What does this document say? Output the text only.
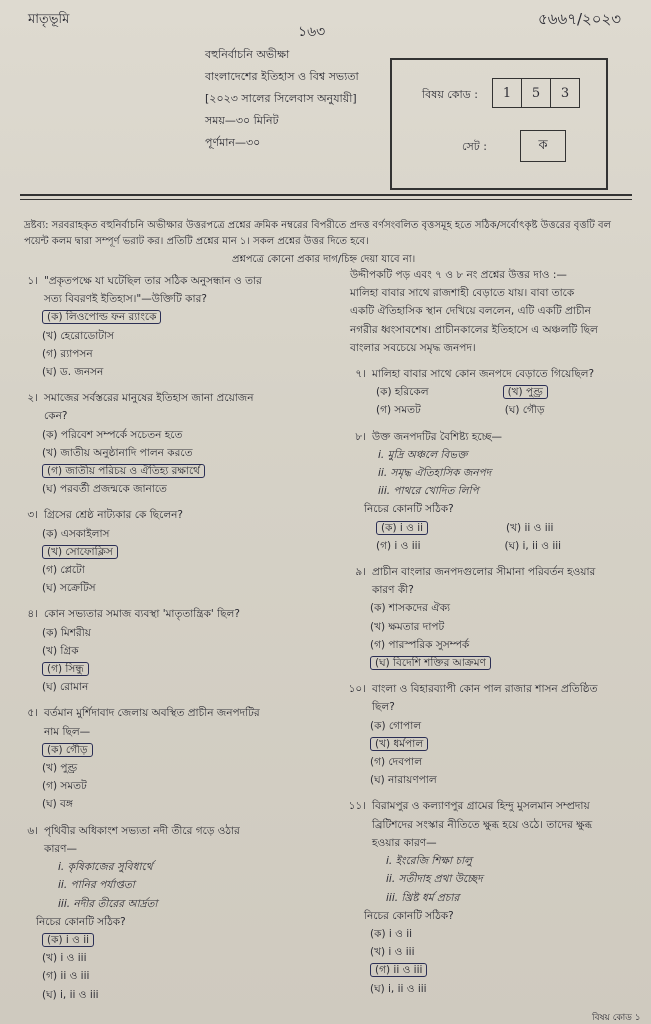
মাতৃভূমি
১৬৩
৫৬৬৭/২০২৩
বহুনির্বাচনি অভীক্ষা
বাংলাদেশের ইতিহাস ও বিশ্ব সভ্যতা
[২০২৩ সালের সিলেবাস অনুযায়ী]
সময়—৩০ মিনিট
পূর্ণমান—৩০
বিষয় কোড :	1	5	3
সেট :	ক
দ্রষ্টব্য: সরবরাহকৃত বহুনির্বাচনি অভীক্ষার উত্তরপত্রে প্রশ্নের ক্রমিক নম্বরের বিপরীতে প্রদত্ত বর্ণসংবলিত বৃত্তসমূহ হতে সঠিক/সর্বোৎকৃষ্ট উত্তরের বৃত্তটি বল পয়েন্ট কলম দ্বারা সম্পূর্ণ ভরাট কর। প্রতিটি প্রশ্নের মান ১। সকল প্রশ্নের উত্তর দিতে হবে।
প্রশ্নপত্রে কোনো প্রকার দাগ/চিহ্ন দেয়া যাবে না।
১। "প্রকৃতপক্ষে যা ঘটেছিল তার সঠিক অনুসন্ধান ও তার
সত্য বিবরণই ইতিহাস।"—উক্তিটি কার?
(ক) লিওপোল্ড ফন র‍্যাংকে
(খ) হেরোডোটাস
(গ) র‍্যাপসন
(ঘ) ড. জনসন
২। সমাজের সর্বস্তরের মানুষের ইতিহাস জানা প্রয়োজন
কেন?
(ক) পরিবেশ সম্পর্কে সচেতন হতে
(খ) জাতীয় অনুষ্ঠানাদি পালন করতে
(গ) জাতীয় পরিচয় ও ঐতিহ্য রক্ষার্থে
(ঘ) পরবর্তী প্রজন্মকে জানাতে
৩। গ্রিসের শ্রেষ্ঠ নাট্যকার কে ছিলেন?
(ক) এসকাইলাস
(খ) সোফোক্লিস
(গ) প্লেটো
(ঘ) সক্রেটিস
৪। কোন সভ্যতার সমাজ ব্যবস্থা 'মাতৃতান্ত্রিক' ছিল?
(ক) মিশরীয়
(খ) গ্রিক
(গ) সিন্ধু
(ঘ) রোমান
৫। বর্তমান মুর্শিদাবাদ জেলায় অবস্থিত প্রাচীন জনপদটির
নাম ছিল—
(ক) গৌড়
(খ) পুণ্ড্র
(গ) সমতট
(ঘ) বঙ্গ
৬। পৃথিবীর অধিকাংশ সভ্যতা নদী তীরে গড়ে ওঠার
কারণ—
i. কৃষিকাজের সুবিধার্থে
ii. পানির পর্যাপ্ততা
iii. নদীর তীরের আর্দ্রতা
নিচের কোনটি সঠিক?
(ক) i ও ii
(খ) i ও iii
(গ) ii ও iii
(ঘ) i, ii ও iii
উদ্দীপকটি পড় এবং ৭ ও ৮ নং প্রশ্নের উত্তর দাও :—
মালিহা বাবার সাথে রাজশাহী বেড়াতে যায়। বাবা তাকে
একটি ঐতিহাসিক স্থান দেখিয়ে বললেন, এটি একটি প্রাচীন
নগরীর ধ্বংসাবশেষ। প্রাচীনকালের ইতিহাসে এ অঞ্চলটি ছিল
বাংলার সবচেয়ে সমৃদ্ধ জনপদ।
৭। মালিহা বাবার সাথে কোন জনপদে বেড়াতে গিয়েছিল?
(ক) হরিকেল	(খ) পুণ্ড্র
(গ) সমতট	(ঘ) গৌড়
৮। উক্ত জনপদটির বৈশিষ্ট্য হচ্ছে—
i. মুদ্রি অঞ্চলে বিভক্ত
ii. সমৃদ্ধ ঐতিহাসিক জনপদ
iii. পাথরে খোদিত লিপি
নিচের কোনটি সঠিক?
(ক) i ও ii	(খ) ii ও iii
(গ) i ও iii	(ঘ) i, ii ও iii
৯। প্রাচীন বাংলার জনপদগুলোর সীমানা পরিবর্তন হওয়ার
কারণ কী?
(ক) শাসকদের ঐক্য
(খ) ক্ষমতার দাপট
(গ) পারস্পরিক সুসম্পর্ক
(ঘ) বিদেশি শক্তির আক্রমণ
১০। বাংলা ও বিহারব্যাপী কোন পাল রাজার শাসন প্রতিষ্ঠিত
ছিল?
(ক) গোপাল
(খ) ধর্মপাল
(গ) দেবপাল
(ঘ) নারায়ণপাল
১১। বিরামপুর ও কল্যাণপুর গ্রামের হিন্দু মুসলমান সম্প্রদায়
ব্রিটিশদের সংস্কার নীতিতে ক্ষুব্ধ হয়ে ওঠে। তাদের ক্ষুব্ধ
হওয়ার কারণ—
i. ইংরেজি শিক্ষা চালু
ii. সতীদাহ প্রথা উচ্ছেদ
iii. খ্রিষ্ট ধর্ম প্রচার
নিচের কোনটি সঠিক?
(ক) i ও ii
(খ) i ও iii
(গ) ii ও iii
(ঘ) i, ii ও iii
বিষয় কোড ১
